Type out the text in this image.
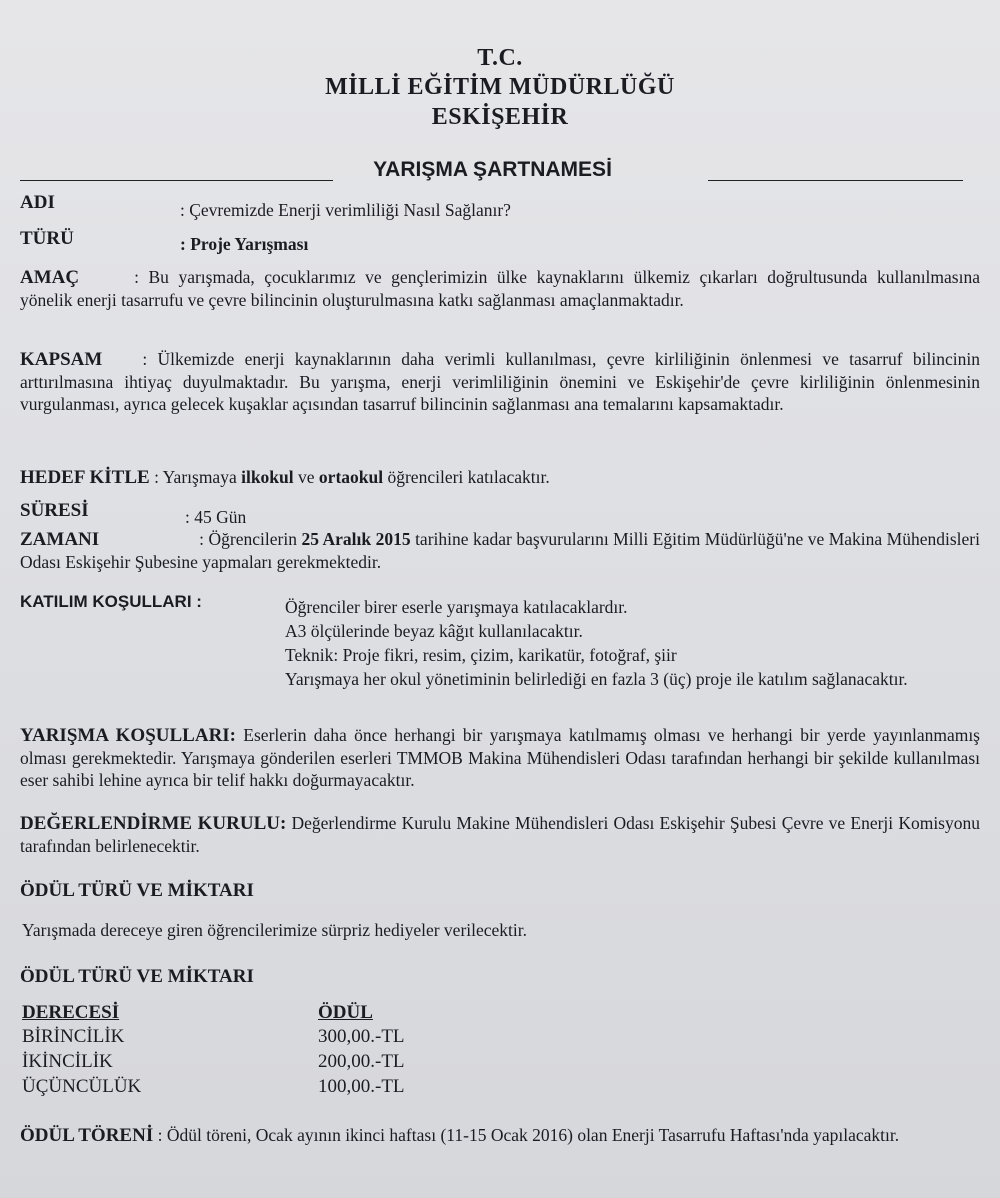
T.C.
MİLLİ EĞİTİM MÜDÜRLÜĞÜ
ESKİŞEHİR
YARIŞMA ŞARTNAMESİ
ADI	: Çevremizde Enerji verimliliği Nasıl Sağlanır?
TÜRÜ	: Proje Yarışması
AMAÇ	: Bu yarışmada, çocuklarımız ve gençlerimizin ülke kaynaklarını ülkemiz çıkarları doğrultusunda kullanılmasına yönelik enerji tasarrufu ve çevre bilincinin oluşturulmasına katkı sağlanması amaçlanmaktadır.
KAPSAM : Ülkemizde enerji kaynaklarının daha verimli kullanılması, çevre kirliliğinin önlenmesi ve tasarruf bilincinin arttırılmasına ihtiyaç duyulmaktadır. Bu yarışma, enerji verimliliğinin önemini ve Eskişehir'de çevre kirliliğinin önlenmesinin vurgulanması, ayrıca gelecek kuşaklar açısından tasarruf bilincinin sağlanması ana temalarını kapsamaktadır.
HEDEF KİTLE : Yarışmaya ilkokul ve ortaokul öğrencileri katılacaktır.
SÜRESİ	: 45 Gün
ZAMANI	: Öğrencilerin 25 Aralık 2015 tarihine kadar başvurularını Milli Eğitim Müdürlüğü'ne ve Makina Mühendisleri Odası Eskişehir Şubesine yapmaları gerekmektedir.
KATILIM KOŞULLARI :	Öğrenciler birer eserle yarışmaya katılacaklardır.
A3 ölçülerinde beyaz kâğıt kullanılacaktır.
Teknik: Proje fikri, resim, çizim, karikatür, fotoğraf, şiir
Yarışmaya her okul yönetiminin belirlediği en fazla 3 (üç) proje ile katılım sağlanacaktır.
YARIŞMA KOŞULLARI: Eserlerin daha önce herhangi bir yarışmaya katılmamış olması ve herhangi bir yerde yayınlanmamış olması gerekmektedir. Yarışmaya gönderilen eserleri TMMOB Makina Mühendisleri Odası tarafından herhangi bir şekilde kullanılması eser sahibi lehine ayrıca bir telif hakkı doğurmayacaktır.
DEĞERLENDİRME KURULU: Değerlendirme Kurulu Makine Mühendisleri Odası Eskişehir Şubesi Çevre ve Enerji Komisyonu tarafından belirlenecektir.
ÖDÜL TÜRÜ VE MİKTARI
Yarışmada dereceye giren öğrencilerimize sürpriz hediyeler verilecektir.
ÖDÜL TÜRÜ VE MİKTARI
DERECESİ	ÖDÜL
BİRİNCİLİK	300,00.-TL
İKİNCİLİK	200,00.-TL
ÜÇÜNCÜLÜK	100,00.-TL
ÖDÜL TÖRENİ : Ödül töreni, Ocak ayının ikinci haftası (11-15 Ocak 2016) olan Enerji Tasarrufu Haftası'nda yapılacaktır.
